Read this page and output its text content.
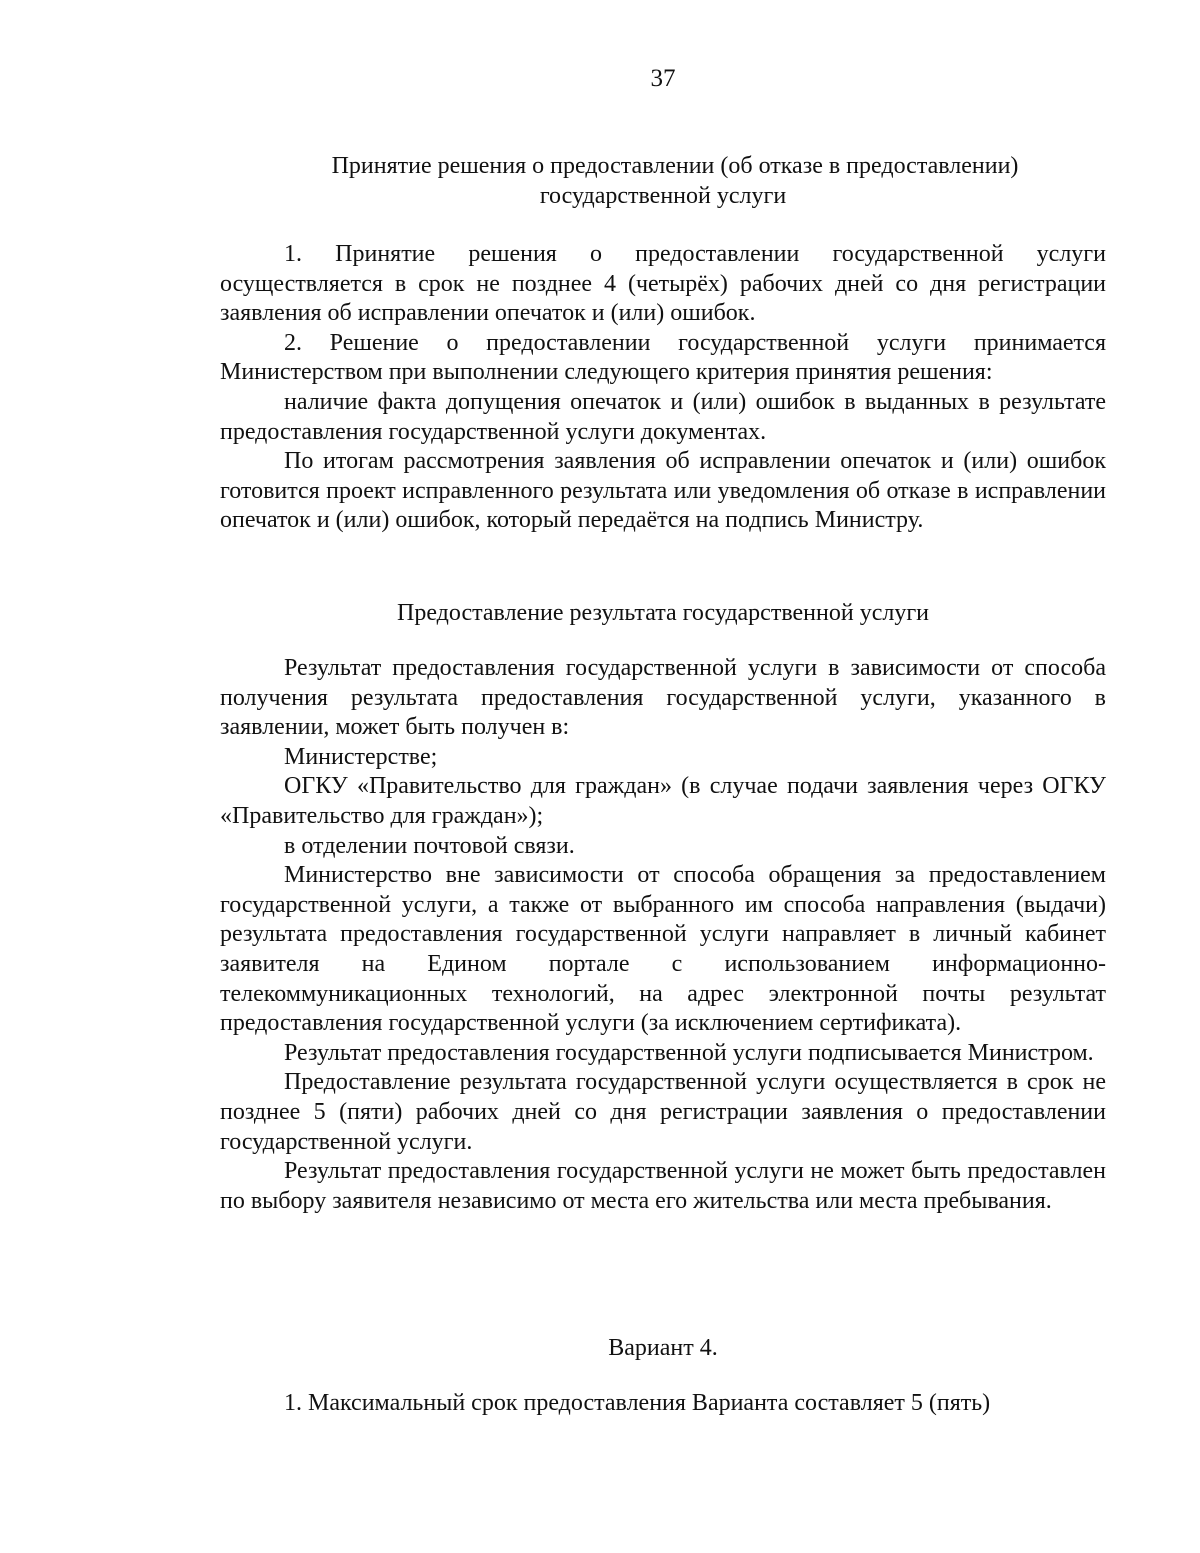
37
Принятие решения о предоставлении (об отказе в предоставлении)
государственной услуги

1. Принятие решения о предоставлении государственной услуги осуществляется в срок не позднее 4 (четырёх) рабочих дней со дня регистрации заявления об исправлении опечаток и (или) ошибок.

2. Решение о предоставлении государственной услуги принимается Министерством при выполнении следующего критерия принятия решения:

наличие факта допущения опечаток и (или) ошибок в выданных в результате предоставления государственной услуги документах.

По итогам рассмотрения заявления об исправлении опечаток и (или) ошибок готовится проект исправленного результата или уведомления об отказе в исправлении опечаток и (или) ошибок, который передаётся на подпись Министру.

Предоставление результата государственной услуги

Результат предоставления государственной услуги в зависимости от способа получения результата предоставления государственной услуги, указанного в заявлении, может быть получен в:

Министерстве;

ОГКУ «Правительство для граждан» (в случае подачи заявления через ОГКУ «Правительство для граждан»);

в отделении почтовой связи.

Министерство вне зависимости от способа обращения за предоставлением государственной услуги, а также от выбранного им способа направления (выдачи) результата предоставления государственной услуги направляет в личный кабинет заявителя на Едином портале с использованием информационно-телекоммуникационных технологий, на адрес электронной почты результат предоставления государственной услуги (за исключением сертификата).

Результат предоставления государственной услуги подписывается Министром.

Предоставление результата государственной услуги осуществляется в срок не позднее 5 (пяти) рабочих дней со дня регистрации заявления о предоставлении государственной услуги.

Результат предоставления государственной услуги не может быть предоставлен по выбору заявителя независимо от места его жительства или места пребывания.

Вариант 4.

1. Максимальный срок предоставления Варианта составляет 5 (пять)
